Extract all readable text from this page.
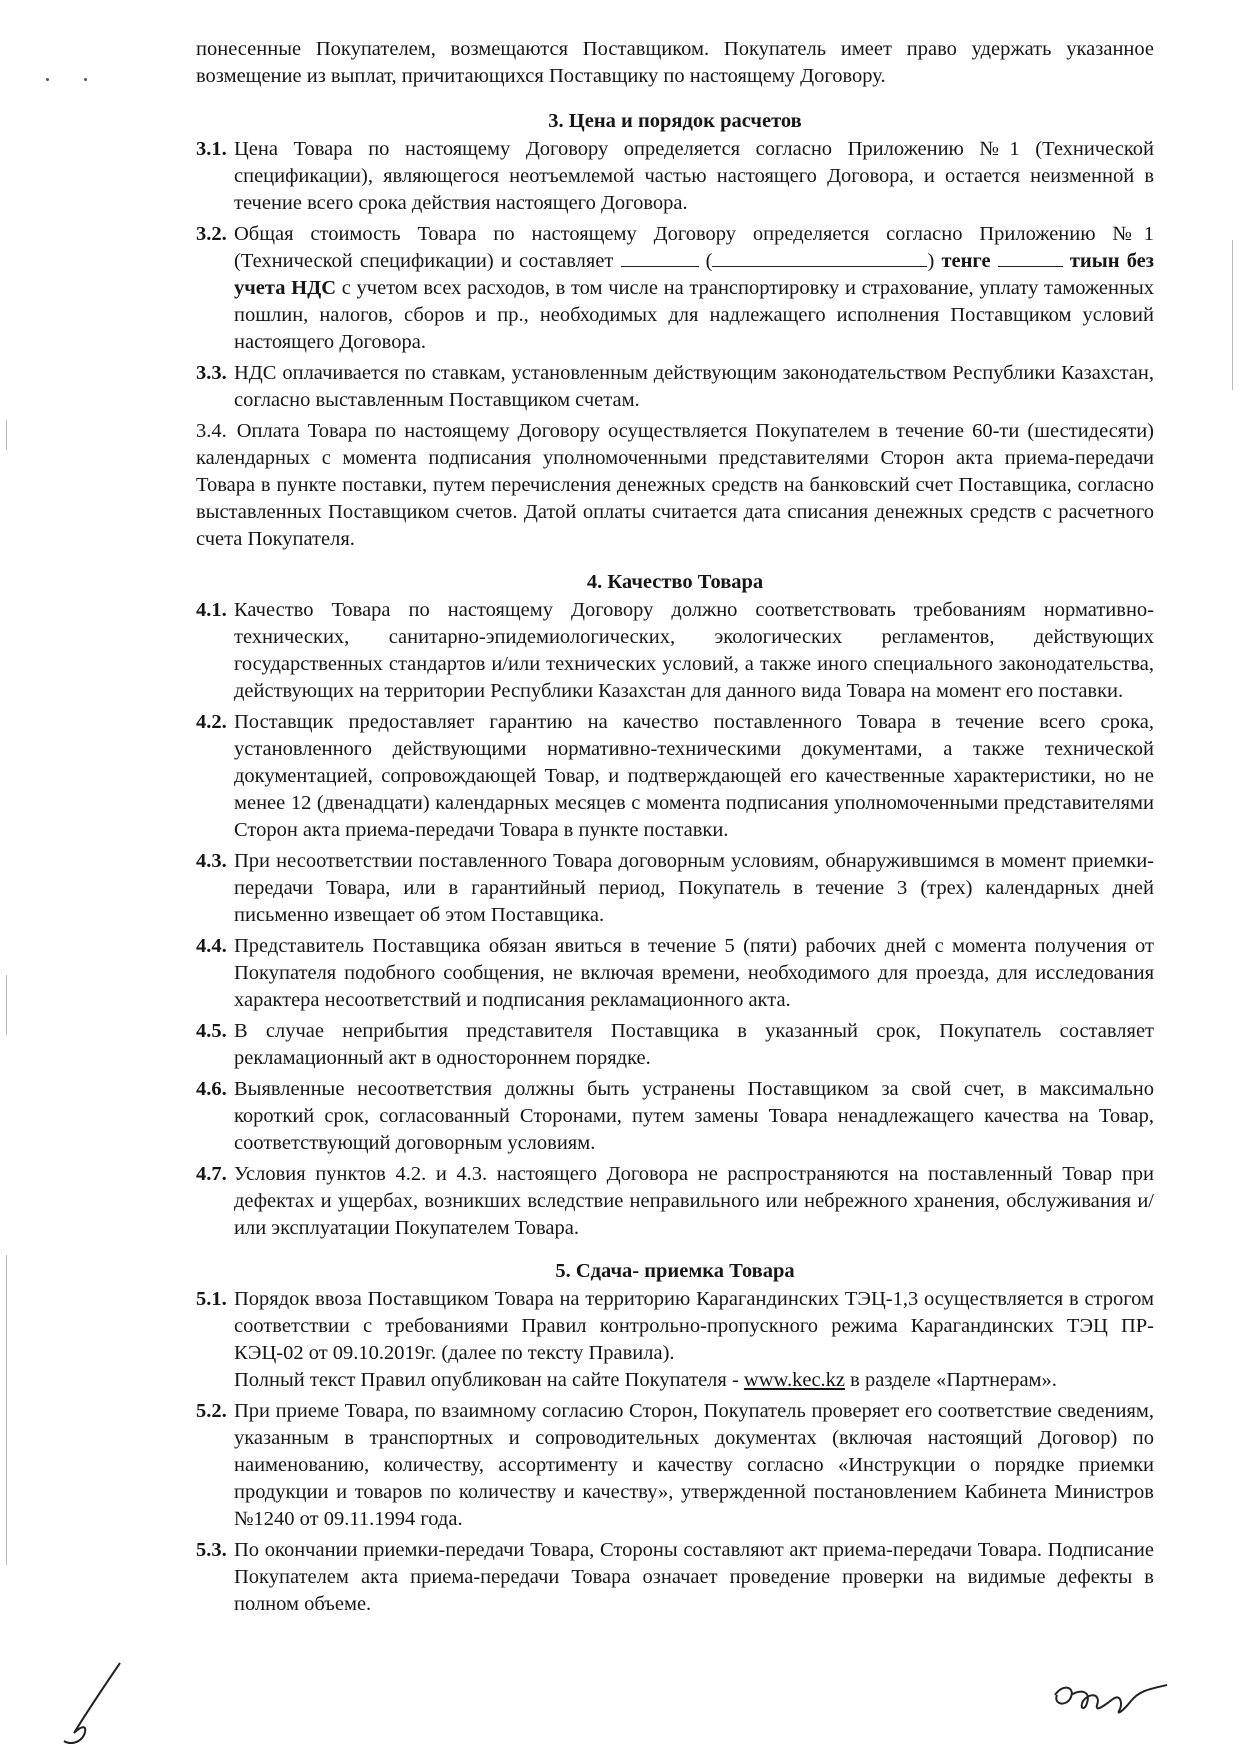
понесенные Покупателем, возмещаются Поставщиком. Покупатель имеет право удержать указанное возмещение из выплат, причитающихся Поставщику по настоящему Договору.

3. Цена и порядок расчетов
3.1. Цена Товара по настоящему Договору определяется согласно Приложению №1 (Технической спецификации), являющегося неотъемлемой частью настоящего Договора, и остается неизменной в течение всего срока действия настоящего Договора.
3.2. Общая стоимость Товара по настоящему Договору определяется согласно Приложению №1 (Технической спецификации) и составляет	(	) тенге	тиын без учета НДС с учетом всех расходов, в том числе на транспортировку и страхование, уплату таможенных пошлин, налогов, сборов и пр., необходимых для надлежащего исполнения Поставщиком условий настоящего Договора.
3.3. НДС оплачивается по ставкам, установленным действующим законодательством Республики Казахстан, согласно выставленным Поставщиком счетам.
3.4. Оплата Товара по настоящему Договору осуществляется Покупателем в течение 60-ти (шестидесяти) календарных с момента подписания уполномоченными представителями Сторон акта приема-передачи Товара в пункте поставки, путем перечисления денежных средств на банковский счет Поставщика, согласно выставленных Поставщиком счетов. Датой оплаты считается дата списания денежных средств с расчетного счета Покупателя.
4. Качество Товара
4.1. Качество Товара по настоящему Договору должно соответствовать требованиям нормативно-технических, санитарно-эпидемиологических, экологических регламентов, действующих государственных стандартов и/или технических условий, а также иного специального законодательства, действующих на территории Республики Казахстан для данного вида Товара на момент его поставки.
4.2. Поставщик предоставляет гарантию на качество поставленного Товара в течение всего срока, установленного действующими нормативно-техническими документами, а также технической документацией, сопровождающей Товар, и подтверждающей его качественные характеристики, но не менее 12 (двенадцати) календарных месяцев с момента подписания уполномоченными представителями Сторон акта приема-передачи Товара в пункте поставки.
4.3. При несоответствии поставленного Товара договорным условиям, обнаружившимся в момент приемки-передачи Товара, или в гарантийный период, Покупатель в течение 3 (трех) календарных дней письменно извещает об этом Поставщика.
4.4. Представитель Поставщика обязан явиться в течение 5 (пяти) рабочих дней с момента получения от Покупателя подобного сообщения, не включая времени, необходимого для проезда, для исследования характера несоответствий и подписания рекламационного акта.
4.5. В случае неприбытия представителя Поставщика в указанный срок, Покупатель составляет рекламационный акт в одностороннем порядке.
4.6. Выявленные несоответствия должны быть устранены Поставщиком за свой счет, в максимально короткий срок, согласованный Сторонами, путем замены Товара ненадлежащего качества на Товар, соответствующий договорным условиям.
4.7. Условия пунктов 4.2. и 4.3. настоящего Договора не распространяются на поставленный Товар при дефектах и ущербах, возникших вследствие неправильного или небрежного хранения, обслуживания и/или эксплуатации Покупателем Товара.
5. Сдача- приемка Товара
5.1. Порядок ввоза Поставщиком Товара на территорию Карагандинских ТЭЦ-1,3 осуществляется в строгом соответствии с требованиями Правил контрольно-пропускного режима Карагандинских ТЭЦ ПР-КЭЦ-02 от 09.10.2019г. (далее по тексту Правила).
Полный текст Правил опубликован на сайте Покупателя - www.kec.kz в разделе «Партнерам».
5.2. При приеме Товара, по взаимному согласию Сторон, Покупатель проверяет его соответствие сведениям, указанным в транспортных и сопроводительных документах (включая настоящий Договор) по наименованию, количеству, ассортименту и качеству согласно «Инструкции о порядке приемки продукции и товаров по количеству и качеству», утвержденной постановлением Кабинета Министров №1240 от 09.11.1994 года.
5.3. По окончании приемки-передачи Товара, Стороны составляют акт приема-передачи Товара. Подписание Покупателем акта приема-передачи Товара означает проведение проверки на видимые дефекты в полном объеме.
